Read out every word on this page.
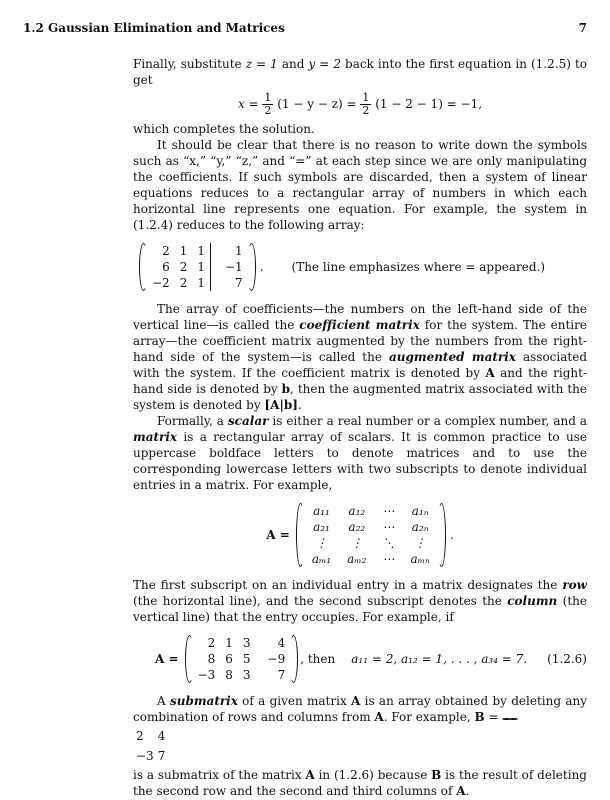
1.2 Gaussian Elimination and Matrices	7

Finally, substitute z = 1 and y = 2 back into the first equation in (1.2.5) to get

$x = \frac{1}{2} (1 - y - z) = \frac{1}{2} (1 - 2 - 1) = -1$,

which completes the solution.

It should be clear that there is no reason to write down the symbols such as “x,” “y,” “z,” and “=” at each step since we are only manipulating the coefficients. If such symbols are discarded, then a system of linear equations reduces to a rectangular array of numbers in which each horizontal line represents one equation. For example, the system in (1.2.4) reduces to the following array:

2	1	1	1
6	2	1	−1
−2	2	1	7
. (The line emphasizes where = appeared.)

The array of coefficients—the numbers on the left-hand side of the vertical line—is called the coefficient matrix for the system. The entire array—the coefficient matrix augmented by the numbers from the right-hand side of the system—is called the augmented matrix associated with the system. If the coefficient matrix is denoted by A and the right-hand side is denoted by b, then the augmented matrix associated with the system is denoted by [A|b].

Formally, a scalar is either a real number or a complex number, and a matrix is a rectangular array of scalars. It is common practice to use uppercase boldface letters to denote matrices and to use the corresponding lowercase letters with two subscripts to denote individual entries in a matrix. For example,

A =
a₁₁	a₁₂	⋯	a₁ₙ
a₂₁	a₂₂	⋯	a₂ₙ
⋮	⋮	⋱	⋮
aₘ₁	aₘ₂	⋯	aₘₙ
.

The first subscript on an individual entry in a matrix designates the row (the horizontal line), and the second subscript denotes the column (the vertical line) that the entry occupies. For example, if

A =
2	1	3	4
8	6	5	−9
−3	8	3	7
, then a₁₁ = 2, a₁₂ = 1, . . . , a₃₄ = 7. (1.2.6)

A submatrix of a given matrix A is an array obtained by deleting any combination of rows and columns from A. For example, B =

2	4
−3	7
is a submatrix of the matrix A in (1.2.6) because B is the result of deleting the second row and the second and third columns of A.
